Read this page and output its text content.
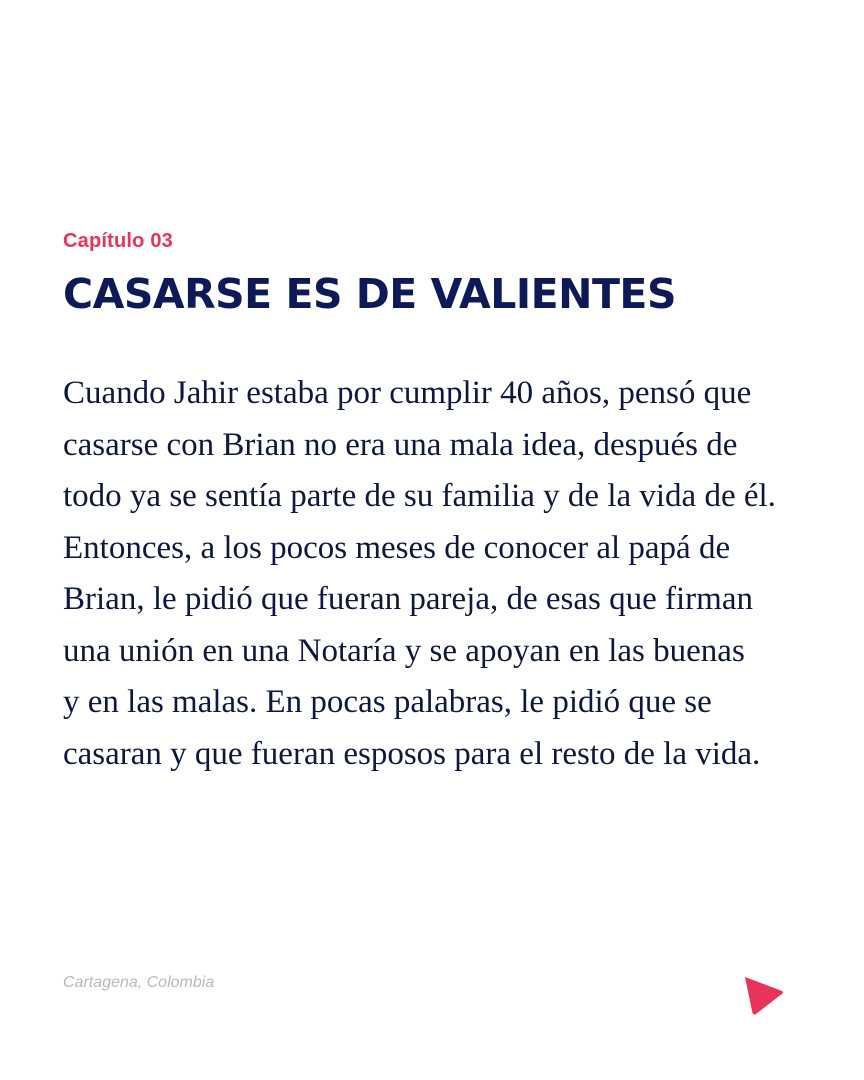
Capítulo 03
CASARSE ES DE VALIENTES
Cuando Jahir estaba por cumplir 40 años, pensó que
casarse con Brian no era una mala idea, después de
todo ya se sentía parte de su familia y de la vida de él.
Entonces, a los pocos meses de conocer al papá de
Brian, le pidió que fueran pareja, de esas que firman
una unión en una Notaría y se apoyan en las buenas
y en las malas. En pocas palabras, le pidió que se
casaran y que fueran esposos para el resto de la vida.
Cartagena, Colombia
